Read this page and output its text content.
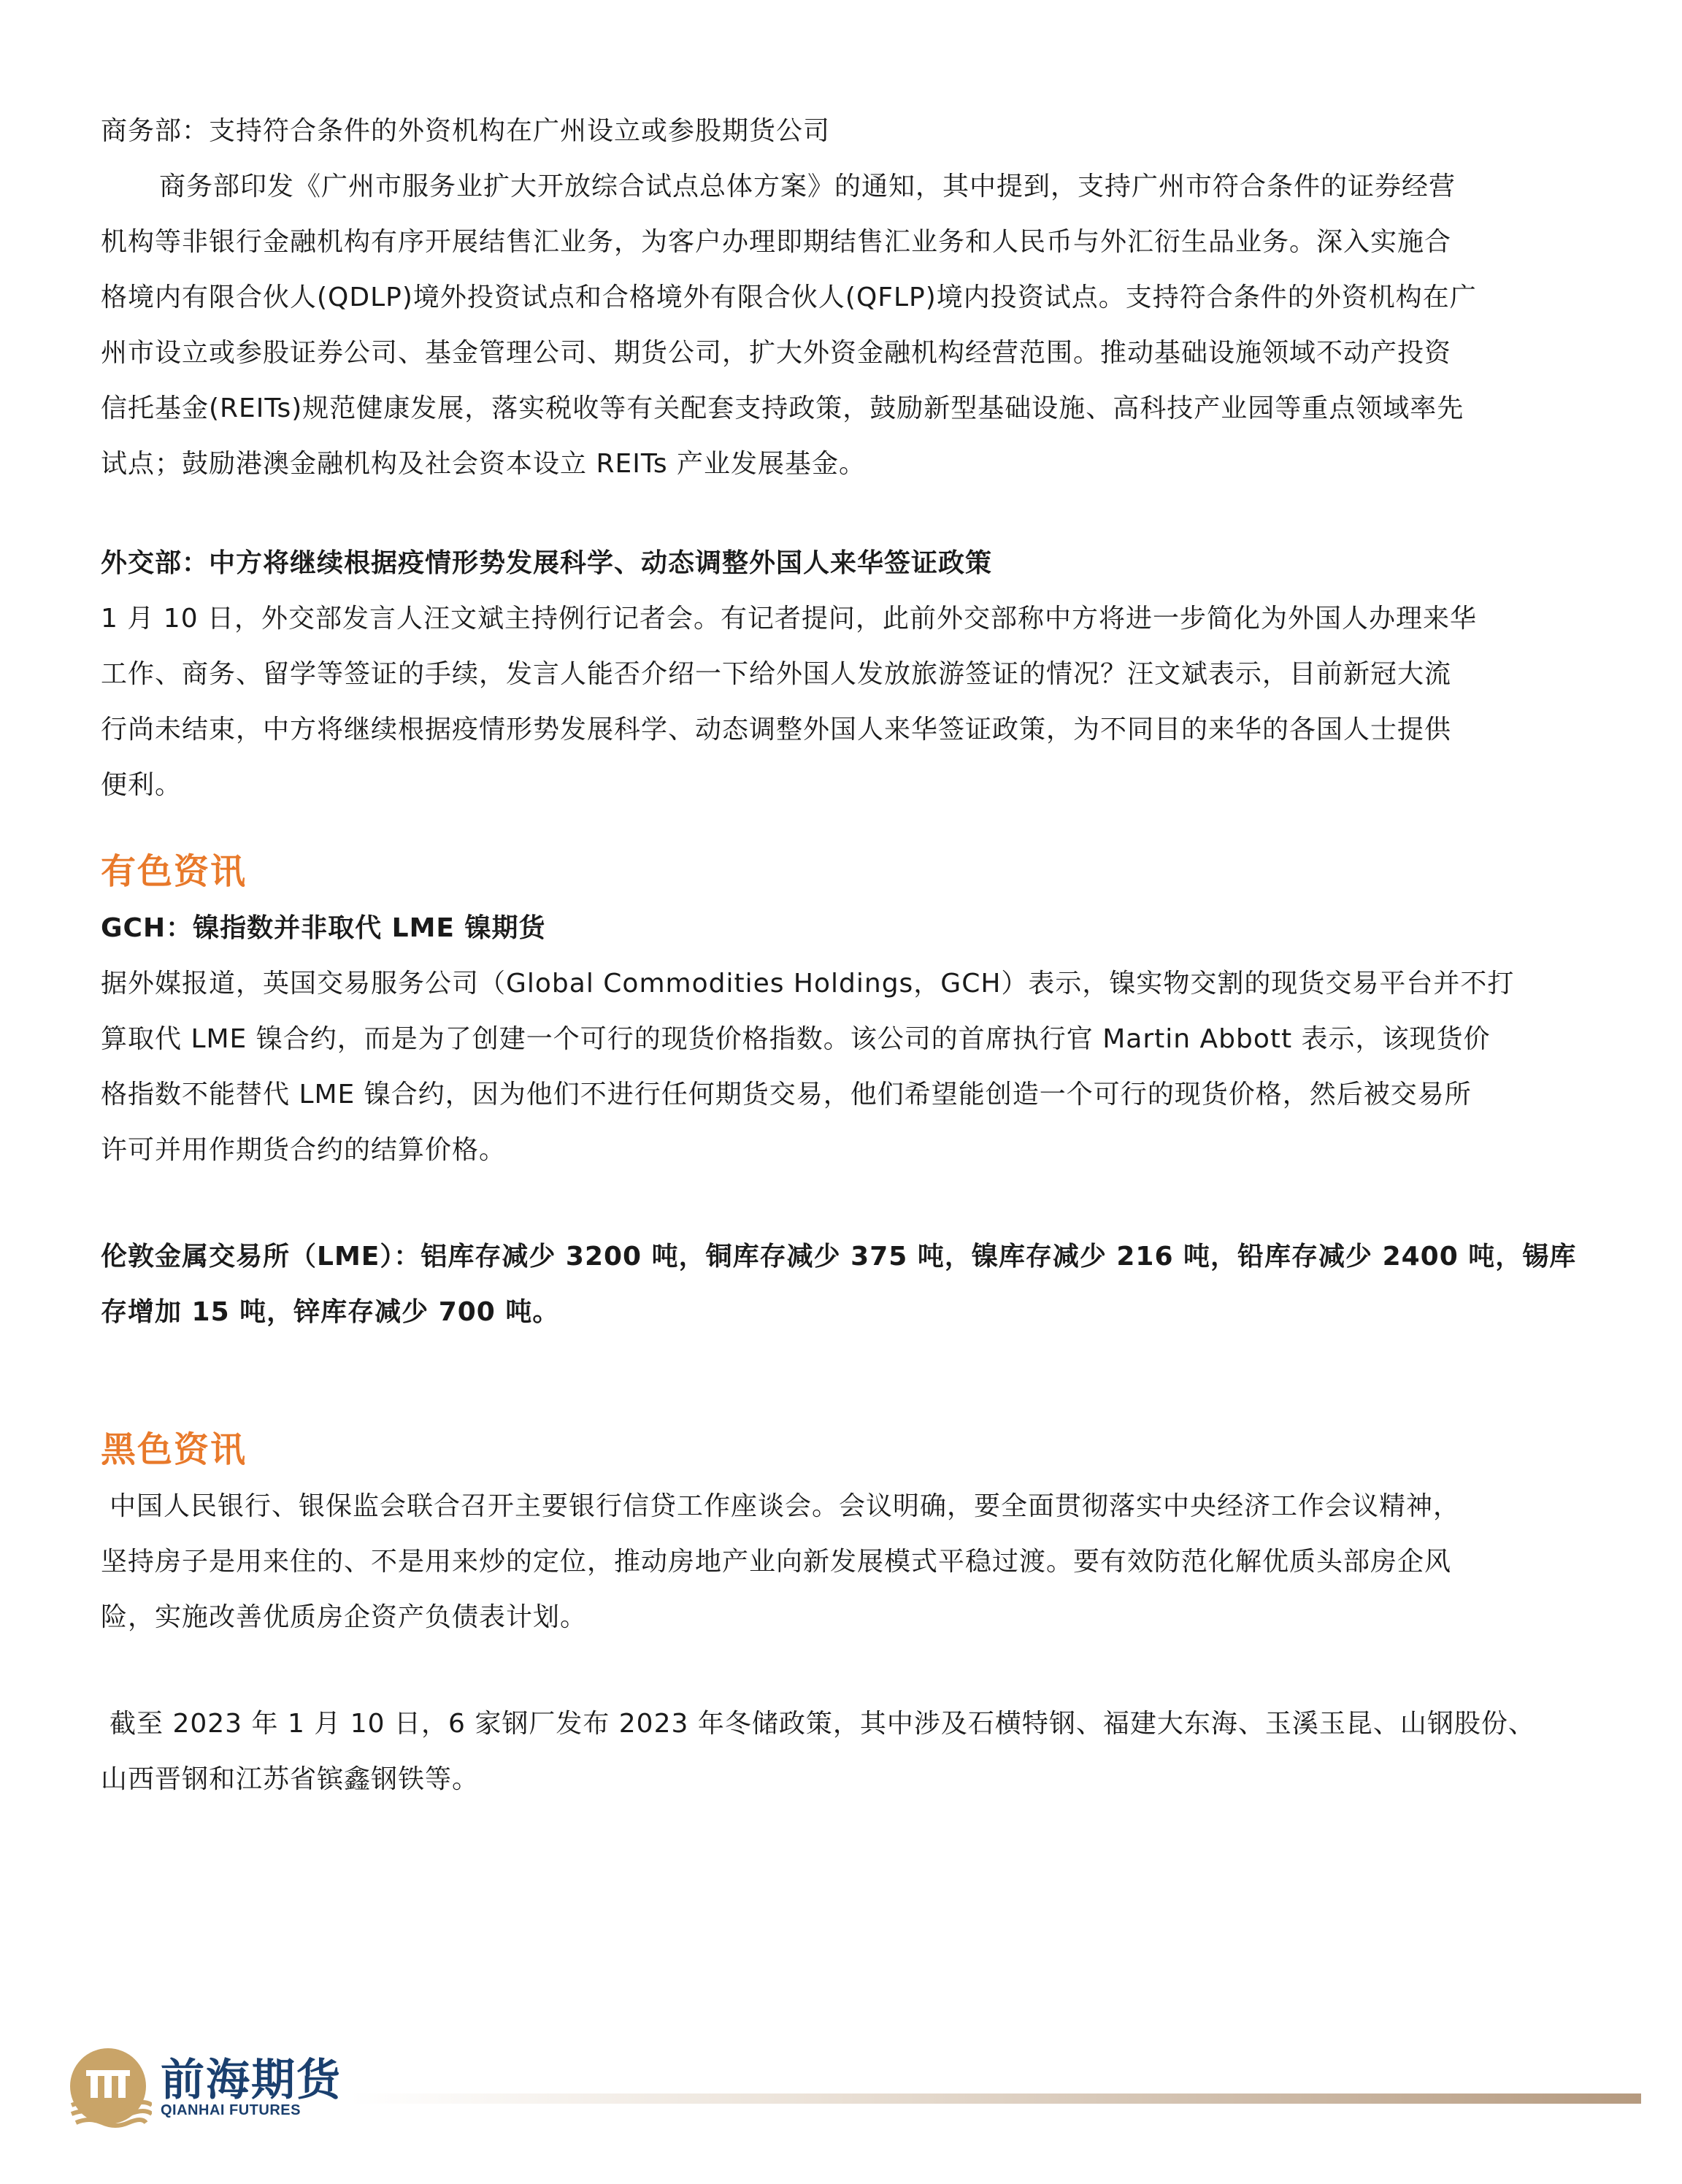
商务部：支持符合条件的外资机构在广州设立或参股期货公司

商务部印发《广州市服务业扩大开放综合试点总体方案》的通知，其中提到，支持广州市符合条件的证券经营

机构等非银行金融机构有序开展结售汇业务，为客户办理即期结售汇业务和人民币与外汇衍生品业务。深入实施合

格境内有限合伙人(QDLP)境外投资试点和合格境外有限合伙人(QFLP)境内投资试点。支持符合条件的外资机构在广

州市设立或参股证券公司、基金管理公司、期货公司，扩大外资金融机构经营范围。推动基础设施领域不动产投资

信托基金(REITs)规范健康发展，落实税收等有关配套支持政策，鼓励新型基础设施、高科技产业园等重点领域率先

试点；鼓励港澳金融机构及社会资本设立 REITs 产业发展基金。

外交部：中方将继续根据疫情形势发展科学、动态调整外国人来华签证政策

1 月 10 日，外交部发言人汪文斌主持例行记者会。有记者提问，此前外交部称中方将进一步简化为外国人办理来华

工作、商务、留学等签证的手续，发言人能否介绍一下给外国人发放旅游签证的情况？汪文斌表示，目前新冠大流

行尚未结束，中方将继续根据疫情形势发展科学、动态调整外国人来华签证政策，为不同目的来华的各国人士提供

便利。

有色资讯

GCH：镍指数并非取代 LME 镍期货

据外媒报道，英国交易服务公司（Global Commodities Holdings，GCH）表示，镍实物交割的现货交易平台并不打

算取代 LME 镍合约，而是为了创建一个可行的现货价格指数。该公司的首席执行官 Martin Abbott 表示，该现货价

格指数不能替代 LME 镍合约，因为他们不进行任何期货交易，他们希望能创造一个可行的现货价格，然后被交易所

许可并用作期货合约的结算价格。

伦敦金属交易所（LME）：铝库存减少 3200 吨，铜库存减少 375 吨，镍库存减少 216 吨，铅库存减少 2400 吨，锡库

存增加 15 吨，锌库存减少 700 吨。

黑色资讯

中国人民银行、银保监会联合召开主要银行信贷工作座谈会。会议明确，要全面贯彻落实中央经济工作会议精神，

坚持房子是用来住的、不是用来炒的定位，推动房地产业向新发展模式平稳过渡。要有效防范化解优质头部房企风

险，实施改善优质房企资产负债表计划。

截至 2023 年 1 月 10 日，6 家钢厂发布 2023 年冬储政策，其中涉及石横特钢、福建大东海、玉溪玉昆、山钢股份、

山西晋钢和江苏省镔鑫钢铁等。

前海期货
QIANHAI FUTURES
